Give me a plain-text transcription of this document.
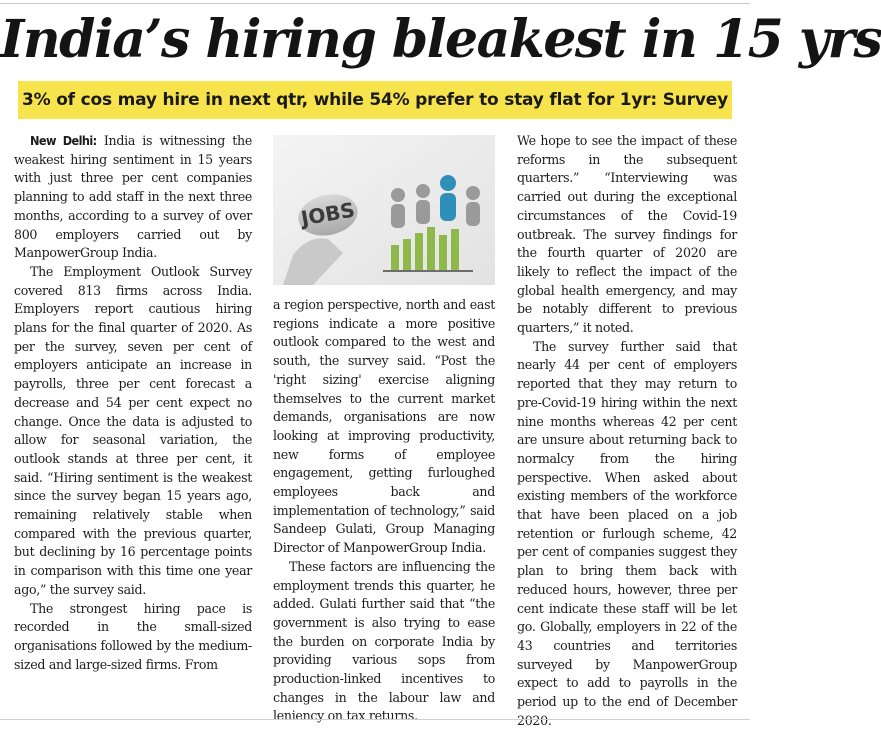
India’s hiring bleakest in 15 yrs
3% of cos may hire in next qtr, while 54% prefer to stay flat for 1yr: Survey

New Delhi: India is witnessing the weakest hiring sentiment in 15 years with just three per cent companies planning to add staff in the next three months, according to a survey of over 800 employers carried out by ManpowerGroup India.

The Employment Outlook Survey covered 813 firms across India. Employers report cautious hiring plans for the final quarter of 2020. As per the survey, seven per cent of employers anticipate an increase in payrolls, three per cent forecast a decrease and 54 per cent expect no change. Once the data is adjusted to allow for seasonal variation, the outlook stands at three per cent, it said. “Hiring sentiment is the weakest since the survey began 15 years ago, remaining relatively stable when compared with the previous quarter, but declining by 16 percentage points in comparison with this time one year ago,” the survey said.

The strongest hiring pace is recorded in the small-sized organisations followed by the medium-sized and large-sized firms. From

JOBS

a region perspective, north and east regions indicate a more positive outlook compared to the west and south, the survey said. “Post the 'right sizing' exercise aligning themselves to the current market demands, organisations are now looking at improving productivity, new forms of employee engagement, getting furloughed employees back and implementation of technology,” said Sandeep Gulati, Group Managing Director of ManpowerGroup India.

These factors are influencing the employment trends this quarter, he added. Gulati further said that “the government is also trying to ease the burden on corporate India by providing various sops from production-linked incentives to changes in the labour law and leniency on tax returns.

We hope to see the impact of these reforms in the subsequent quarters.” “Interviewing was carried out during the exceptional circumstances of the Covid-19 outbreak. The survey findings for the fourth quarter of 2020 are likely to reflect the impact of the global health emergency, and may be notably different to previous quarters,” it noted.

The survey further said that nearly 44 per cent of employers reported that they may return to pre-Covid-19 hiring within the next nine months whereas 42 per cent are unsure about returning back to normalcy from the hiring perspective. When asked about existing members of the workforce that have been placed on a job retention or furlough scheme, 42 per cent of companies suggest they plan to bring them back with reduced hours, however, three per cent indicate these staff will be let go. Globally, employers in 22 of the 43 countries and territories surveyed by ManpowerGroup expect to add to payrolls in the period up to the end of December 2020.
